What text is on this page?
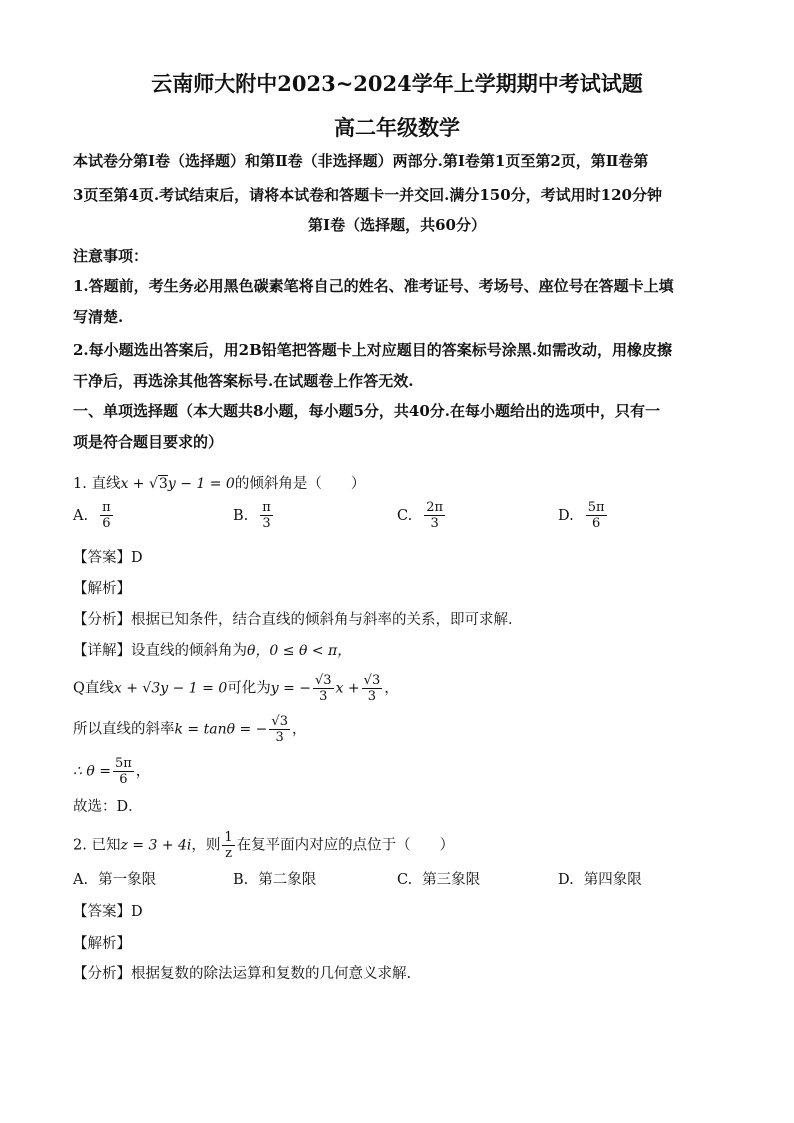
云南师大附中2023~2024学年上学期期中考试试题
高二年级数学
本试卷分第Ⅰ卷（选择题）和第Ⅱ卷（非选择题）两部分.第Ⅰ卷第1页至第2页，第Ⅱ卷第
3页至第4页.考试结束后，请将本试卷和答题卡一并交回.满分150分，考试用时120分钟
第Ⅰ卷（选择题，共60分）
注意事项：
1.答题前，考生务必用黑色碳素笔将自己的姓名、准考证号、考场号、座位号在答题卡上填
写清楚.
2.每小题选出答案后，用2B铅笔把答题卡上对应题目的答案标号涂黑.如需改动，用橡皮擦
干净后，再选涂其他答案标号.在试题卷上作答无效.
一、单项选择题（本大题共8小题，每小题5分，共40分.在每小题给出的选项中，只有一
项是符合题目要求的）
1. 直线x + √3y − 1 = 0的倾斜角是（　　）
A. $\frac{\pi}{6}$	B. $\frac{\pi}{3}$	C. $\frac{2\pi}{3}$	D. $\frac{5\pi}{6}$
【答案】D
【解析】
【分析】根据已知条件，结合直线的倾斜角与斜率的关系，即可求解．
【详解】设直线的倾斜角为θ，0 ≤ θ < π，
Q直线x + √3y − 1 = 0可化为y = − $\frac{√3}{3}$ $x + \frac{√3}{3}$ ，
所以直线的斜率k = tanθ = − $\frac{√3}{3}$ ，
∴ $\theta = \frac{5\pi}{6}$ ，
故选：D．
2. 已知z = 3 + 4i，则 $\frac{1}{z}$ 在复平面内对应的点位于（　　）
A. 第一象限	B. 第二象限	C. 第三象限	D. 第四象限
【答案】D
【解析】
【分析】根据复数的除法运算和复数的几何意义求解.
